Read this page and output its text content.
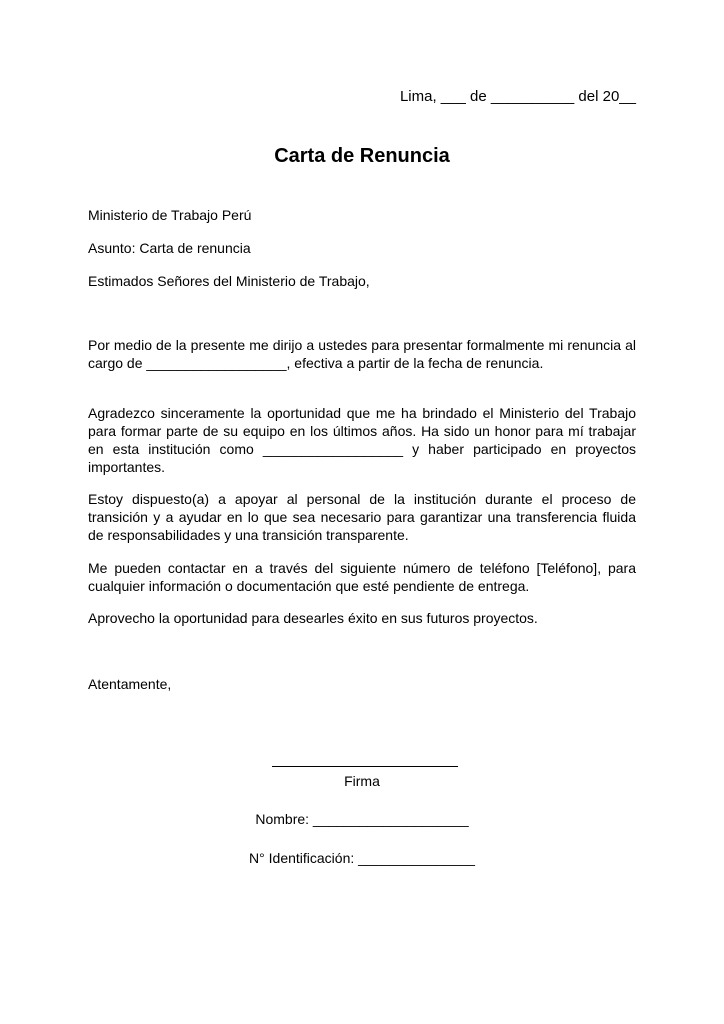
Lima, ___ de __________ del 20__
Carta de Renuncia
Ministerio de Trabajo Perú
Asunto: Carta de renuncia
Estimados Señores del Ministerio de Trabajo,
Por medio de la presente me dirijo a ustedes para presentar formalmente mi renuncia al cargo de __________________, efectiva a partir de la fecha de renuncia.
Agradezco sinceramente la oportunidad que me ha brindado el Ministerio del Trabajo para formar parte de su equipo en los últimos años. Ha sido un honor para mí trabajar en esta institución como __________________ y haber participado en proyectos importantes.
Estoy dispuesto(a) a apoyar al personal de la institución durante el proceso de transición y a ayudar en lo que sea necesario para garantizar una transferencia fluida de responsabilidades y una transición transparente.
Me pueden contactar en a través del siguiente número de teléfono [Teléfono], para cualquier información o documentación que esté pendiente de entrega.
Aprovecho la oportunidad para desearles éxito en sus futuros proyectos.
Atentamente,
Firma
Nombre: ____________________
N° Identificación: _______________
